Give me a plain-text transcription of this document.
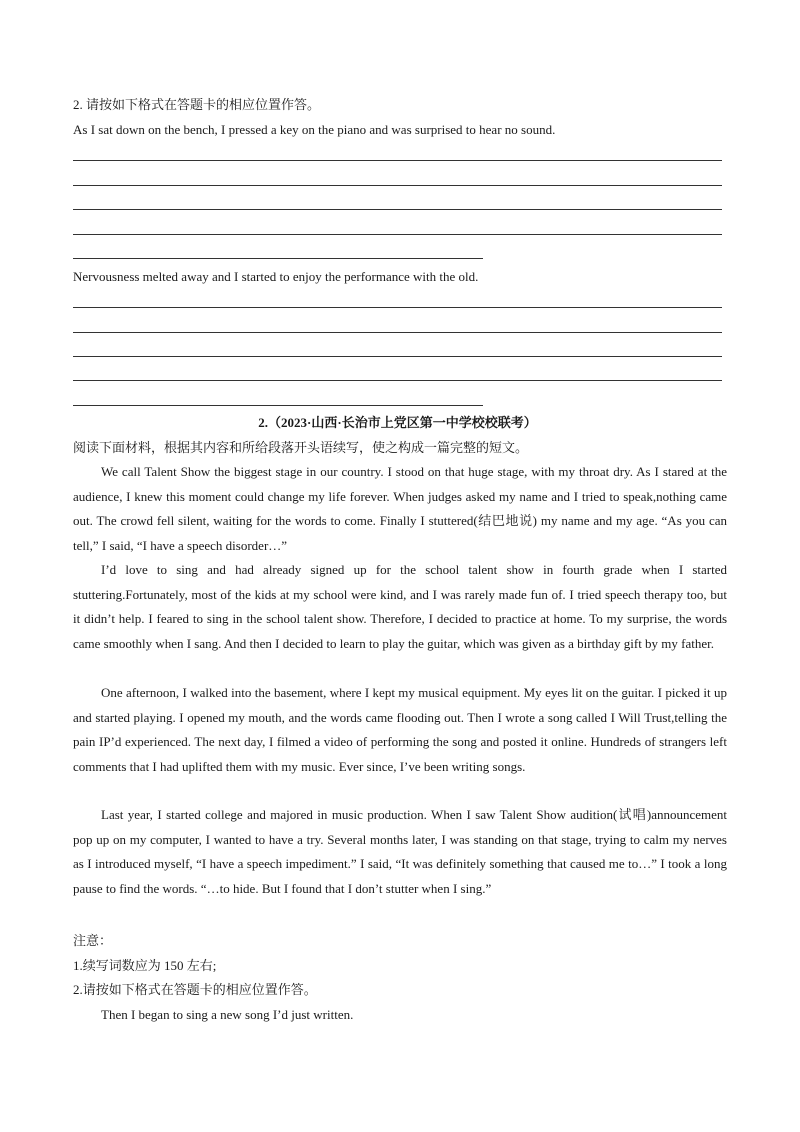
2. 请按如下格式在答题卡的相应位置作答。
As I sat down on the bench, I pressed a key on the piano and was surprised to hear no sound.
Nervousness melted away and I started to enjoy the performance with the old.
2.（2023·山西·长治市上党区第一中学校校联考）
阅读下面材料，根据其内容和所给段落开头语续写，使之构成一篇完整的短文。

We call Talent Show the biggest stage in our country. I stood on that huge stage, with my throat dry. As I stared at the audience, I knew this moment could change my life forever. When judges asked my name and I tried to speak,nothing came out. The crowd fell silent, waiting for the words to come. Finally I stuttered(结巴地说) my name and my age. “As you can tell,” I said, “I have a speech disorder…”

I’d love to sing and had already signed up for the school talent show in fourth grade when I started stuttering.Fortunately, most of the kids at my school were kind, and I was rarely made fun of. I tried speech therapy too, but it didn’t help. I feared to sing in the school talent show. Therefore, I decided to practice at home. To my surprise, the words came smoothly when I sang. And then I decided to learn to play the guitar, which was given as a birthday gift by my father.

One afternoon, I walked into the basement, where I kept my musical equipment. My eyes lit on the guitar. I picked it up and started playing. I opened my mouth, and the words came flooding out. Then I wrote a song called I Will Trust,telling the pain IP’d experienced. The next day, I filmed a video of performing the song and posted it online. Hundreds of strangers left comments that I had uplifted them with my music. Ever since, I’ve been writing songs.

Last year, I started college and majored in music production. When I saw Talent Show audition(试唱)announcement pop up on my computer, I wanted to have a try. Several months later, I was standing on that stage, trying to calm my nerves as I introduced myself, “I have a speech impediment.” I said, “It was definitely something that caused me to…” I took a long pause to find the words. “…to hide. But I found that I don’t stutter when I sing.”

注意：
1.续写词数应为 150 左右;
2.请按如下格式在答题卡的相应位置作答。
Then I began to sing a new song I’d just written.
